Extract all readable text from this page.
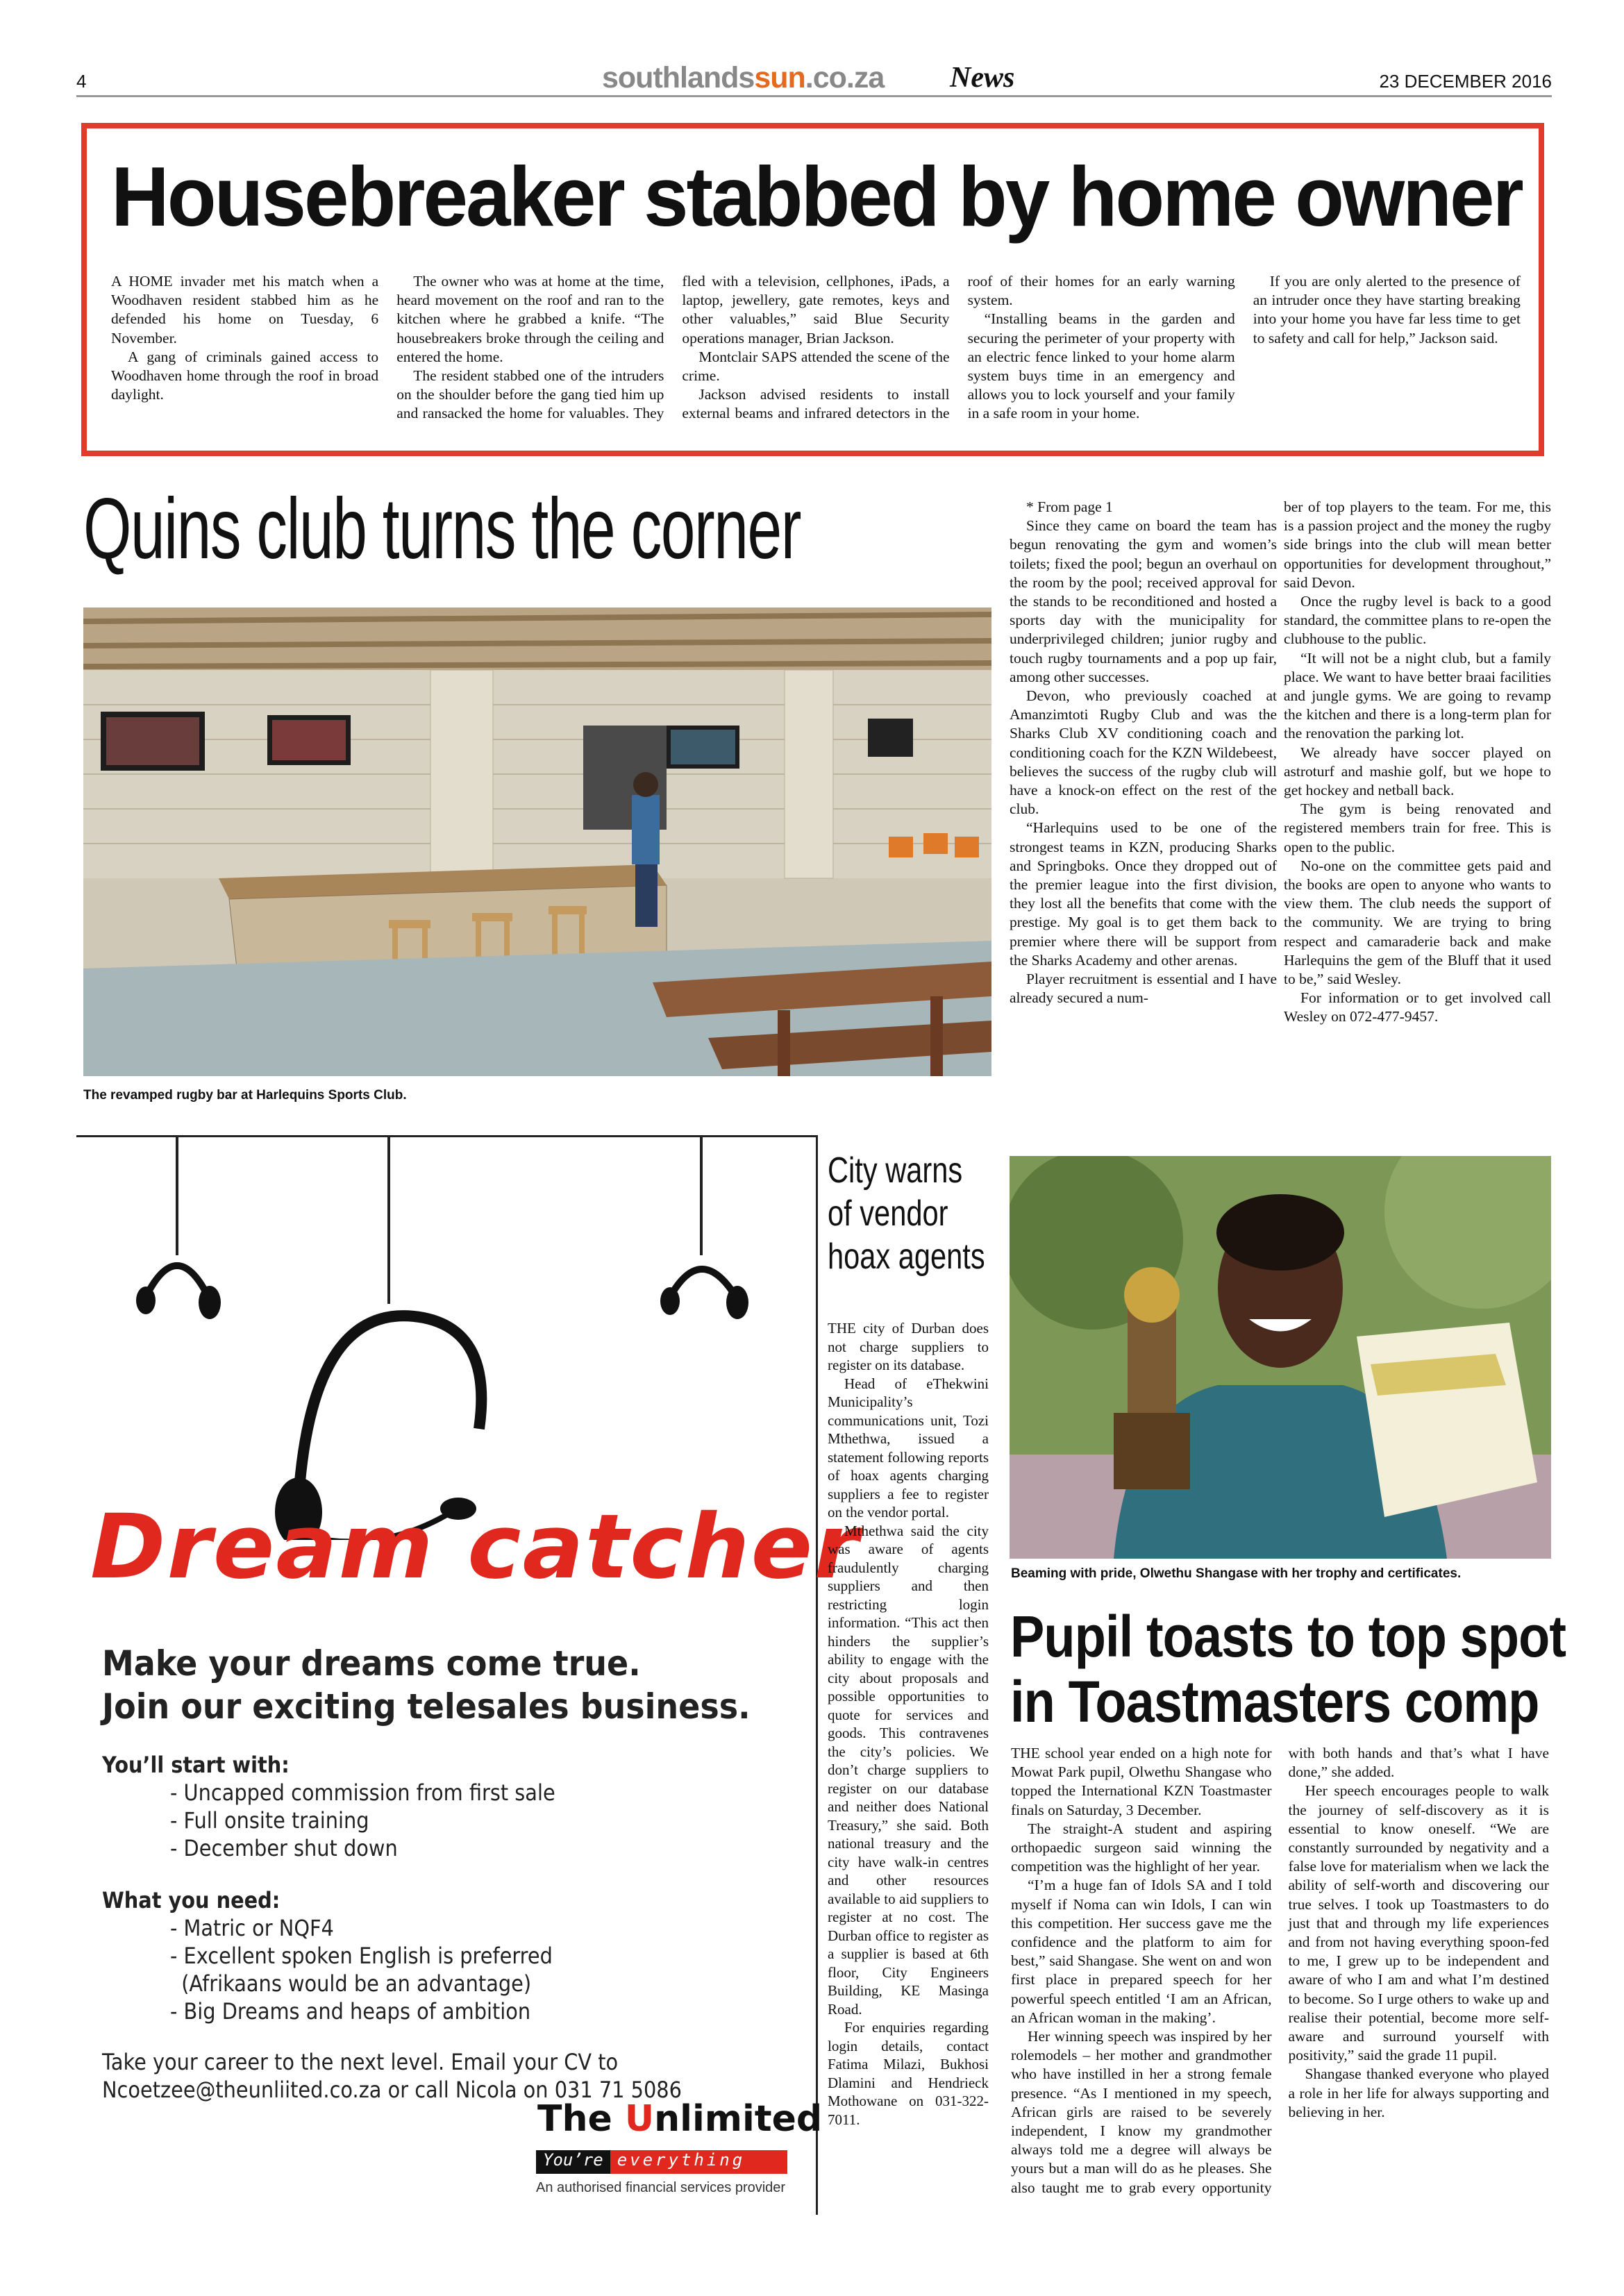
4	southlandssun.co.za News	23 DECEMBER 2016
Housebreaker stabbed by home owner

A HOME invader met his match when a Woodhaven resident stabbed him as he defended his home on Tuesday, 6 November.

A gang of criminals gained access to Woodhaven home through the roof in broad daylight.

The owner who was at home at the time, heard movement on the roof and ran to the kitchen where he grabbed a knife. “The housebreakers broke through the ceiling and entered the home.

The resident stabbed one of the intruders on the shoulder before the gang tied him up and ransacked the home for valuables. They fled with a television, cellphones, iPads, a laptop, jewellery, gate remotes, keys and other valuables,” said Blue Security operations manager, Brian Jackson.

Montclair SAPS attended the scene of the crime.

Jackson advised residents to install external beams and infrared detectors in the roof of their homes for an early warning system.

“Installing beams in the garden and securing the perimeter of your property with an electric fence linked to your home alarm system buys time in an emergency and allows you to lock yourself and your family in a safe room in your home.

If you are only alerted to the presence of an intruder once they have starting breaking into your home you have far less time to get to safety and call for help,” Jackson said.

Quins club turns the corner
The revamped rugby bar at Harlequins Sports Club.

* From page 1

Since they came on board the team has begun renovating the gym and women’s toilets; fixed the pool; begun an overhaul on the room by the pool; received approval for the stands to be reconditioned and hosted a sports day with the municipality for underprivileged children; junior rugby and touch rugby tournaments and a pop up fair, among other successes.

Devon, who previously coached at Amanzimtoti Rugby Club and was the Sharks Club XV conditioning coach and conditioning coach for the KZN Wildebeest, believes the success of the rugby club will have a knock-on effect on the rest of the club.

“Harlequins used to be one of the strongest teams in KZN, producing Sharks and Springboks. Once they dropped out of the premier league into the first division, they lost all the benefits that come with the prestige. My goal is to get them back to premier where there will be support from the Sharks Academy and other arenas.

Player recruitment is essential and I have already secured a num-

ber of top players to the team. For me, this is a passion project and the money the rugby side brings into the club will mean better opportunities for development throughout,” said Devon.

Once the rugby level is back to a good standard, the committee plans to re-open the clubhouse to the public.

“It will not be a night club, but a family place. We want to have better braai facilities and jungle gyms. We are going to revamp the kitchen and there is a long-term plan for the renovation the parking lot.

We already have soccer played on astroturf and mashie golf, but we hope to get hockey and netball back.

The gym is being renovated and registered members train for free. This is open to the public.

No-one on the committee gets paid and the books are open to anyone who wants to view them. The club needs the support of the community. We are trying to bring respect and camaraderie back and make Harlequins the gem of the Bluff that it used to be,” said Wesley.

For information or to get involved call Wesley on 072-477-9457.

Dream catcher
Make your dreams come true.
Join our exciting telesales business.
You’ll start with:
- Uncapped commission from first sale
- Full onsite training
- December shut down
What you need:
- Matric or NQF4
- Excellent spoken English is preferred
(Afrikaans would be an advantage)
- Big Dreams and heaps of ambition
Take your career to the next level. Email your CV to
Ncoetzee@theunliited.co.za or call Nicola on 031 71 5086
The Unlimited
You’re everything
An authorised financial services provider
City warns
of vendor
hoax agents

THE city of Durban does not charge suppliers to register on its database.

Head of eThekwini Municipality’s communications unit, Tozi Mthethwa, issued a statement following reports of hoax agents charging suppliers a fee to register on the vendor portal.

Mthethwa said the city was aware of agents fraudulently charging suppliers and then restricting login information. “This act then hinders the supplier’s ability to engage with the city about proposals and possible opportunities to quote for services and goods. This contravenes the city’s policies. We don’t charge suppliers to register on our database and neither does National Treasury,” she said. Both national treasury and the city have walk-in centres and other resources available to aid suppliers to register at no cost. The Durban office to register as a supplier is based at 6th floor, City Engineers Building, KE Masinga Road.

For enquiries regarding login details, contact Fatima Milazi, Bukhosi Dlamini and Hendrieck Mothowane on 031-322-7011.

Beaming with pride, Olwethu Shangase with her trophy and certificates.
Pupil toasts to top spot
in Toastmasters comp

THE school year ended on a high note for Mowat Park pupil, Olwethu Shangase who topped the International KZN Toastmaster finals on Saturday, 3 December.

The straight-A student and aspiring orthopaedic surgeon said winning the competition was the highlight of her year.

“I’m a huge fan of Idols SA and I told myself if Noma can win Idols, I can win this competition. Her success gave me the confidence and the platform to aim for best,” said Shangase. She went on and won first place in prepared speech for her powerful speech entitled ‘I am an African, an African woman in the making’.

Her winning speech was inspired by her rolemodels – her mother and grandmother who have instilled in her a strong female presence. “As I mentioned in my speech, African girls are raised to be severely independent, I know my grandmother always told me a degree will always be yours but a man will do as he pleases. She also taught me to grab every opportunity with both hands and that’s what I have done,” she added.

Her speech encourages people to walk the journey of self-discovery as it is essential to know oneself. “We are constantly surrounded by negativity and a false love for materialism when we lack the ability of self-worth and discovering our true selves. I took up Toastmasters to do just that and through my life experiences and from not having everything spoon-fed to me, I grew up to be independent and aware of who I am and what I’m destined to become. So I urge others to wake up and realise their potential, become more self-aware and surround yourself with positivity,” said the grade 11 pupil.

Shangase thanked everyone who played a role in her life for always supporting and believing in her.
